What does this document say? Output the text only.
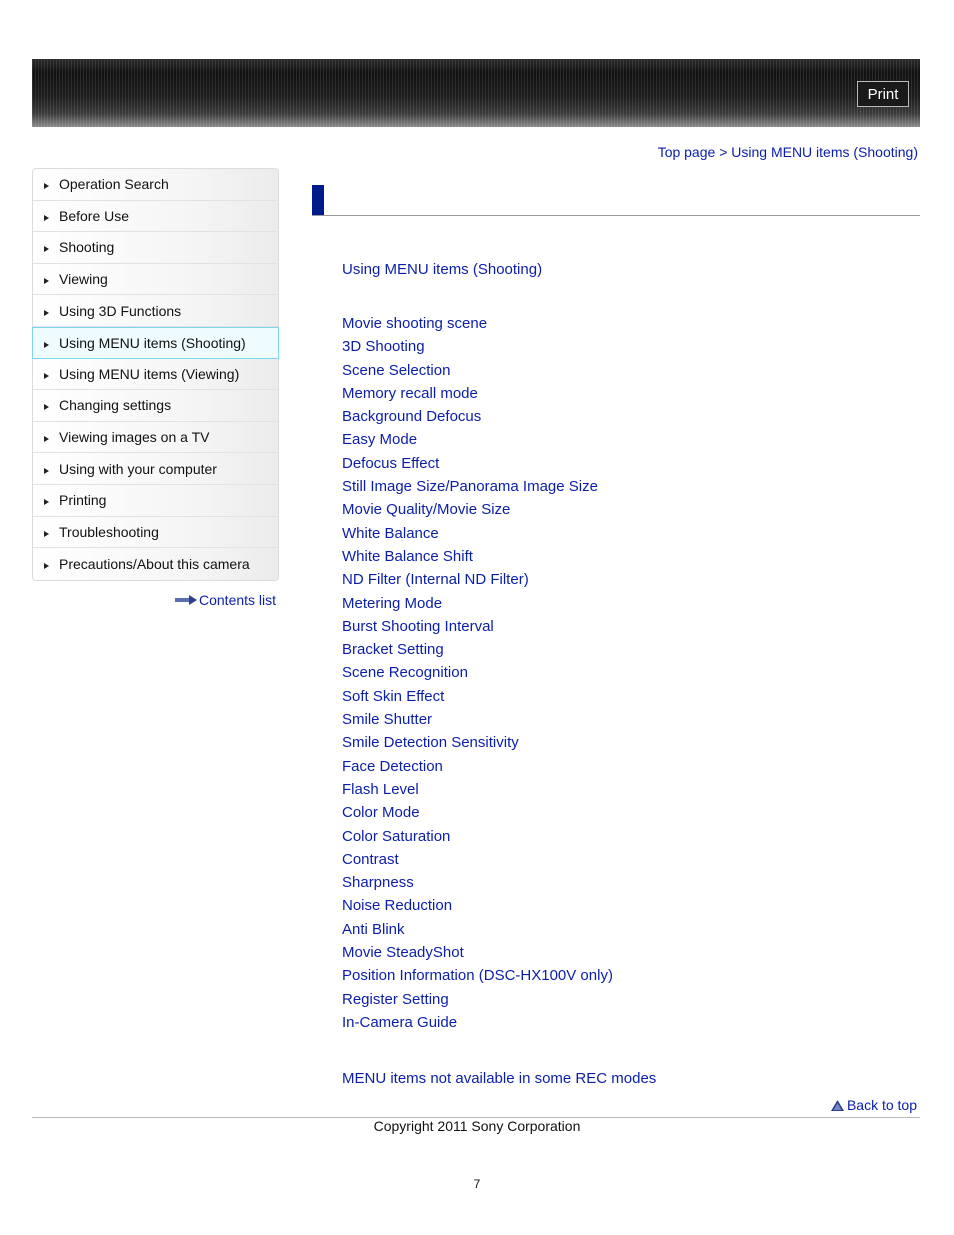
Print
Top page > Using MENU items (Shooting)
Operation Search
Before Use
Shooting
Viewing
Using 3D Functions
Using MENU items (Shooting)
Using MENU items (Viewing)
Changing settings
Viewing images on a TV
Using with your computer
Printing
Troubleshooting
Precautions/About this camera
Contents list
Using MENU items (Shooting)
Movie shooting scene
3D Shooting
Scene Selection
Memory recall mode
Background Defocus
Easy Mode
Defocus Effect
Still Image Size/Panorama Image Size
Movie Quality/Movie Size
White Balance
White Balance Shift
ND Filter (Internal ND Filter)
Metering Mode
Burst Shooting Interval
Bracket Setting
Scene Recognition
Soft Skin Effect
Smile Shutter
Smile Detection Sensitivity
Face Detection
Flash Level
Color Mode
Color Saturation
Contrast
Sharpness
Noise Reduction
Anti Blink
Movie SteadyShot
Position Information (DSC-HX100V only)
Register Setting
In-Camera Guide
MENU items not available in some REC modes
Back to top
Copyright 2011 Sony Corporation
7
